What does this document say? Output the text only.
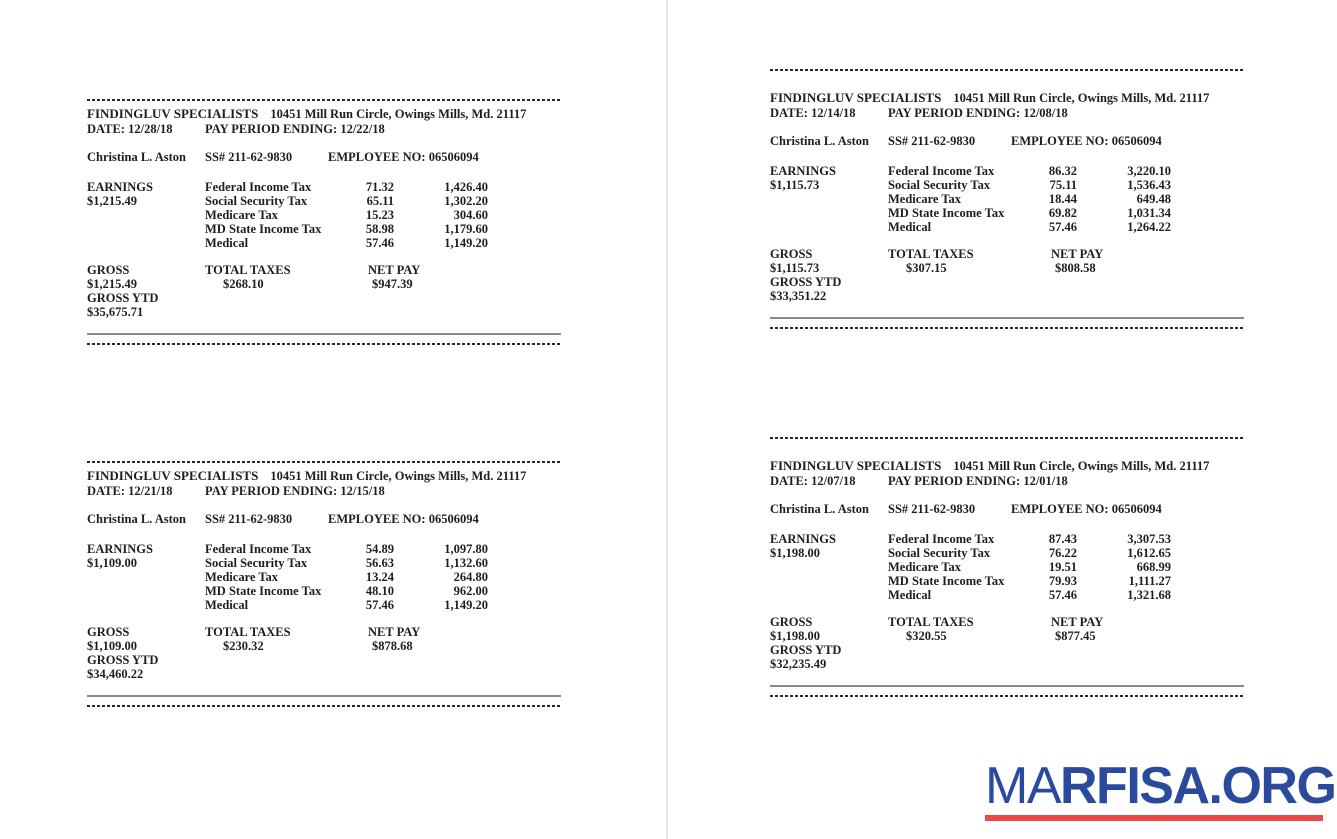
FINDINGLUV SPECIALISTS 10451 Mill Run Circle, Owings Mills, Md. 21117
DATE: 12/28/18	PAY PERIOD ENDING: 12/22/18
Christina L. Aston SS# 211-62-9830	EMPLOYEE NO: 06506094
EARNINGS
$1,215.49
Federal Income Tax	71.32	1,426.40
Social Security Tax	65.11	1,302.20
Medicare Tax	15.23	304.60
MD State Income Tax	58.98	1,179.60
Medical	57.46	1,149.20
GROSS	TOTAL TAXES	NET PAY
$1,215.49	$268.10	$947.39
GROSS YTD
$35,675.71
FINDINGLUV SPECIALISTS 10451 Mill Run Circle, Owings Mills, Md. 21117
DATE: 12/14/18	PAY PERIOD ENDING: 12/08/18
Christina L. Aston SS# 211-62-9830	EMPLOYEE NO: 06506094
EARNINGS
$1,115.73
Federal Income Tax	86.32	3,220.10
Social Security Tax	75.11	1,536.43
Medicare Tax	18.44	649.48
MD State Income Tax	69.82	1,031.34
Medical	57.46	1,264.22
GROSS	TOTAL TAXES	NET PAY
$1,115.73	$307.15	$808.58
GROSS YTD
$33,351.22
FINDINGLUV SPECIALISTS 10451 Mill Run Circle, Owings Mills, Md. 21117
DATE: 12/21/18	PAY PERIOD ENDING: 12/15/18
Christina L. Aston SS# 211-62-9830	EMPLOYEE NO: 06506094
EARNINGS
$1,109.00
Federal Income Tax	54.89	1,097.80
Social Security Tax	56.63	1,132.60
Medicare Tax	13.24	264.80
MD State Income Tax	48.10	962.00
Medical	57.46	1,149.20
GROSS	TOTAL TAXES	NET PAY
$1,109.00	$230.32	$878.68
GROSS YTD
$34,460.22
FINDINGLUV SPECIALISTS 10451 Mill Run Circle, Owings Mills, Md. 21117
DATE: 12/07/18	PAY PERIOD ENDING: 12/01/18
Christina L. Aston SS# 211-62-9830	EMPLOYEE NO: 06506094
EARNINGS
$1,198.00
Federal Income Tax	87.43	3,307.53
Social Security Tax	76.22	1,612.65
Medicare Tax	19.51	668.99
MD State Income Tax	79.93	1,111.27
Medical	57.46	1,321.68
GROSS	TOTAL TAXES	NET PAY
$1,198.00	$320.55	$877.45
GROSS YTD
$32,235.49
MARFISA.ORG
